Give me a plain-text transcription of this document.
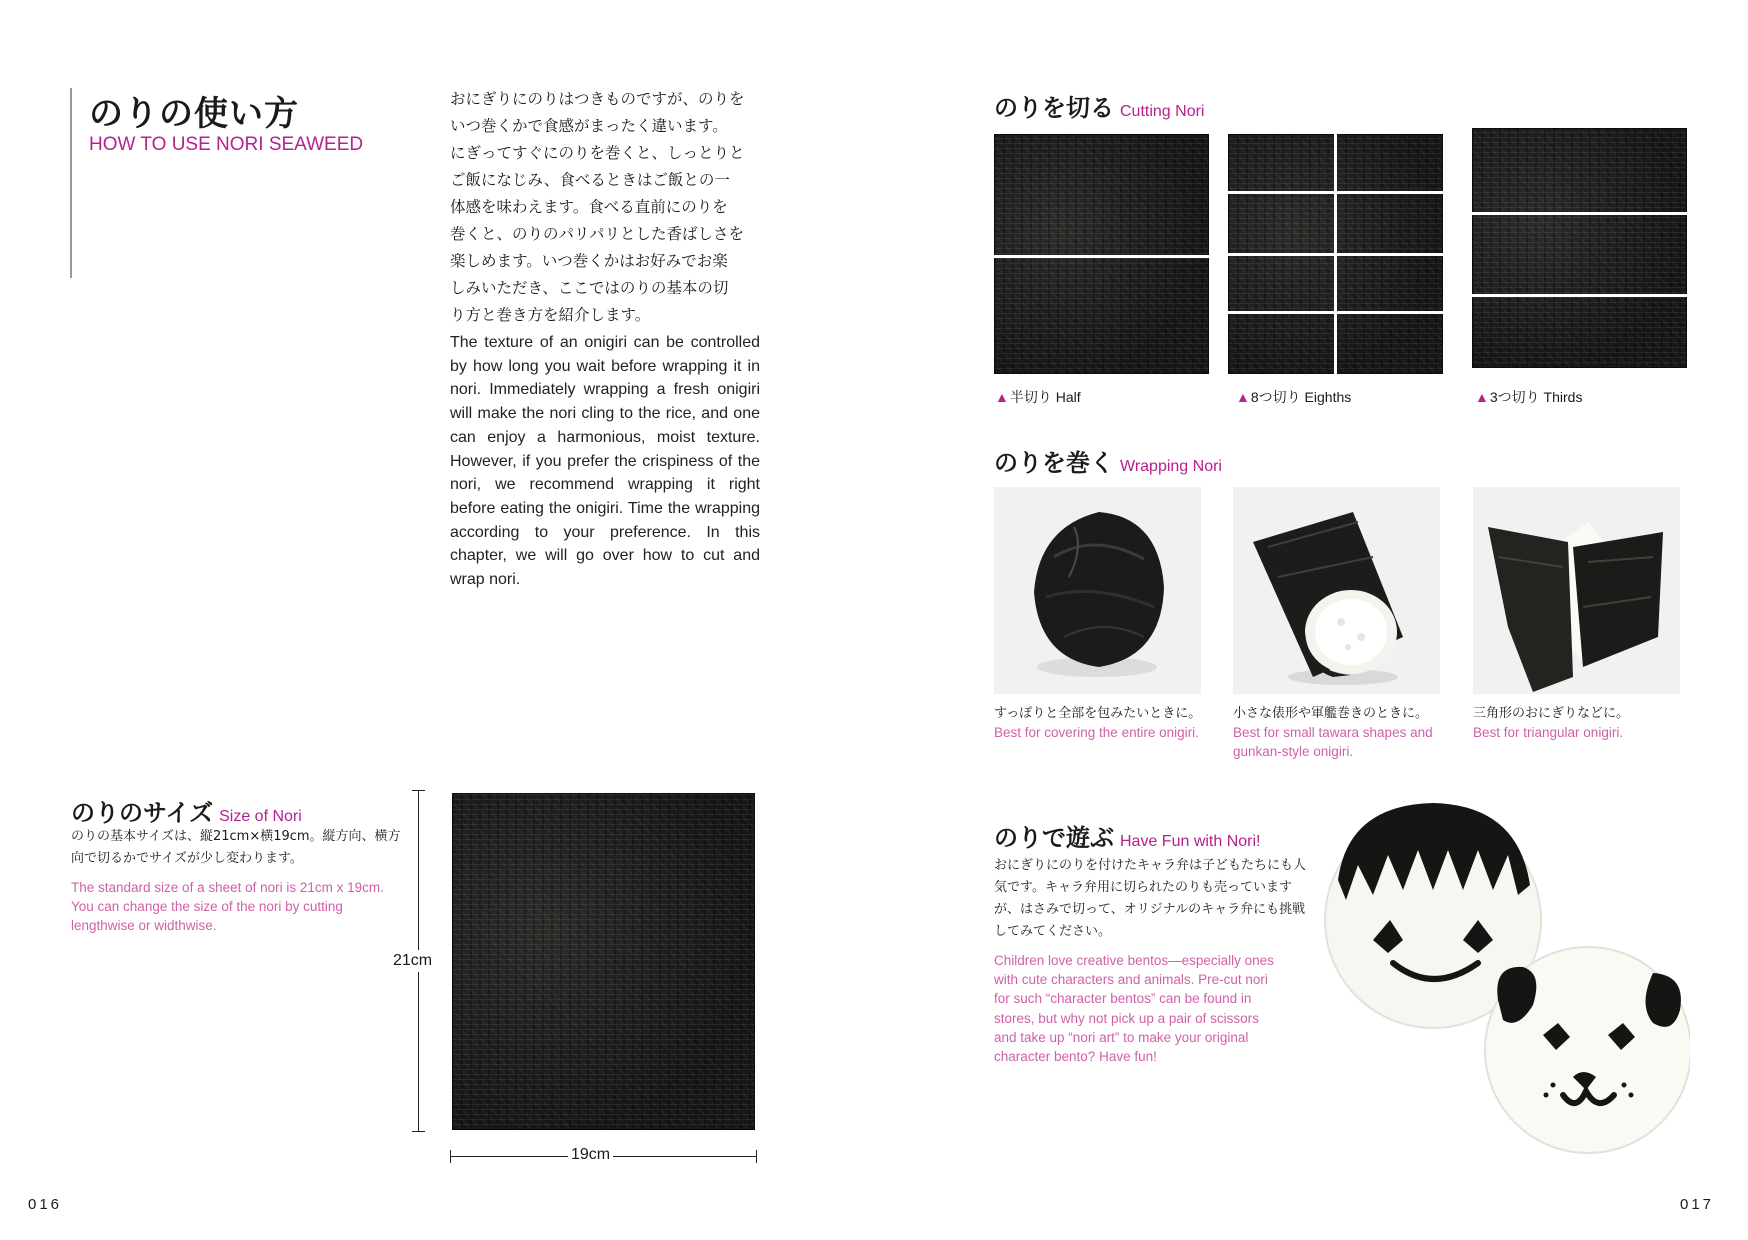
のりの使い方
HOW TO USE NORI SEAWEED
おにぎりにのりはつきものですが、のりを
いつ巻くかで食感がまったく違います。
にぎってすぐにのりを巻くと、しっとりと
ご飯になじみ、食べるときはご飯との一
体感を味わえます。食べる直前にのりを
巻くと、のりのパリパリとした香ばしさを
楽しめます。いつ巻くかはお好みでお楽
しみいただき、ここではのりの基本の切
り方と巻き方を紹介します。
The texture of an onigiri can be controlled by how long you wait before wrapping it in nori. Immediately wrapping a fresh onigiri will make the nori cling to the rice, and one can enjoy a harmonious, moist texture. However, if you prefer the crispiness of the nori, we recommend wrapping it right before eating the onigiri. Time the wrapping according to your preference. In this chapter, we will go over how to cut and wrap nori.
のりのサイズ Size of Nori
のりの基本サイズは、縦21cm×横19cm。縦方向、横方向で切るかでサイズが少し変わります。
The standard size of a sheet of nori is 21cm x 19cm. You can change the size of the nori by cutting lengthwise or widthwise.
21cm
19cm
016
のりを切る Cutting Nori
▲半切り Half	▲8つ切り Eighths	▲3つ切り Thirds
のりを巻く Wrapping Nori
すっぽりと全部を包みたいときに。
Best for covering the entire onigiri.
小さな俵形や軍艦巻きのときに。
Best for small tawara shapes and gunkan-style onigiri.
三角形のおにぎりなどに。
Best for triangular onigiri.
のりで遊ぶ Have Fun with Nori!
おにぎりにのりを付けたキャラ弁は子どもたちにも人気です。キャラ弁用に切られたのりも売っていますが、はさみで切って、オリジナルのキャラ弁にも挑戦してみてください。
Children love creative bentos—especially ones with cute characters and animals. Pre-cut nori for such “character bentos” can be found in stores, but why not pick up a pair of scissors and take up “nori art” to make your original character bento? Have fun!
017
